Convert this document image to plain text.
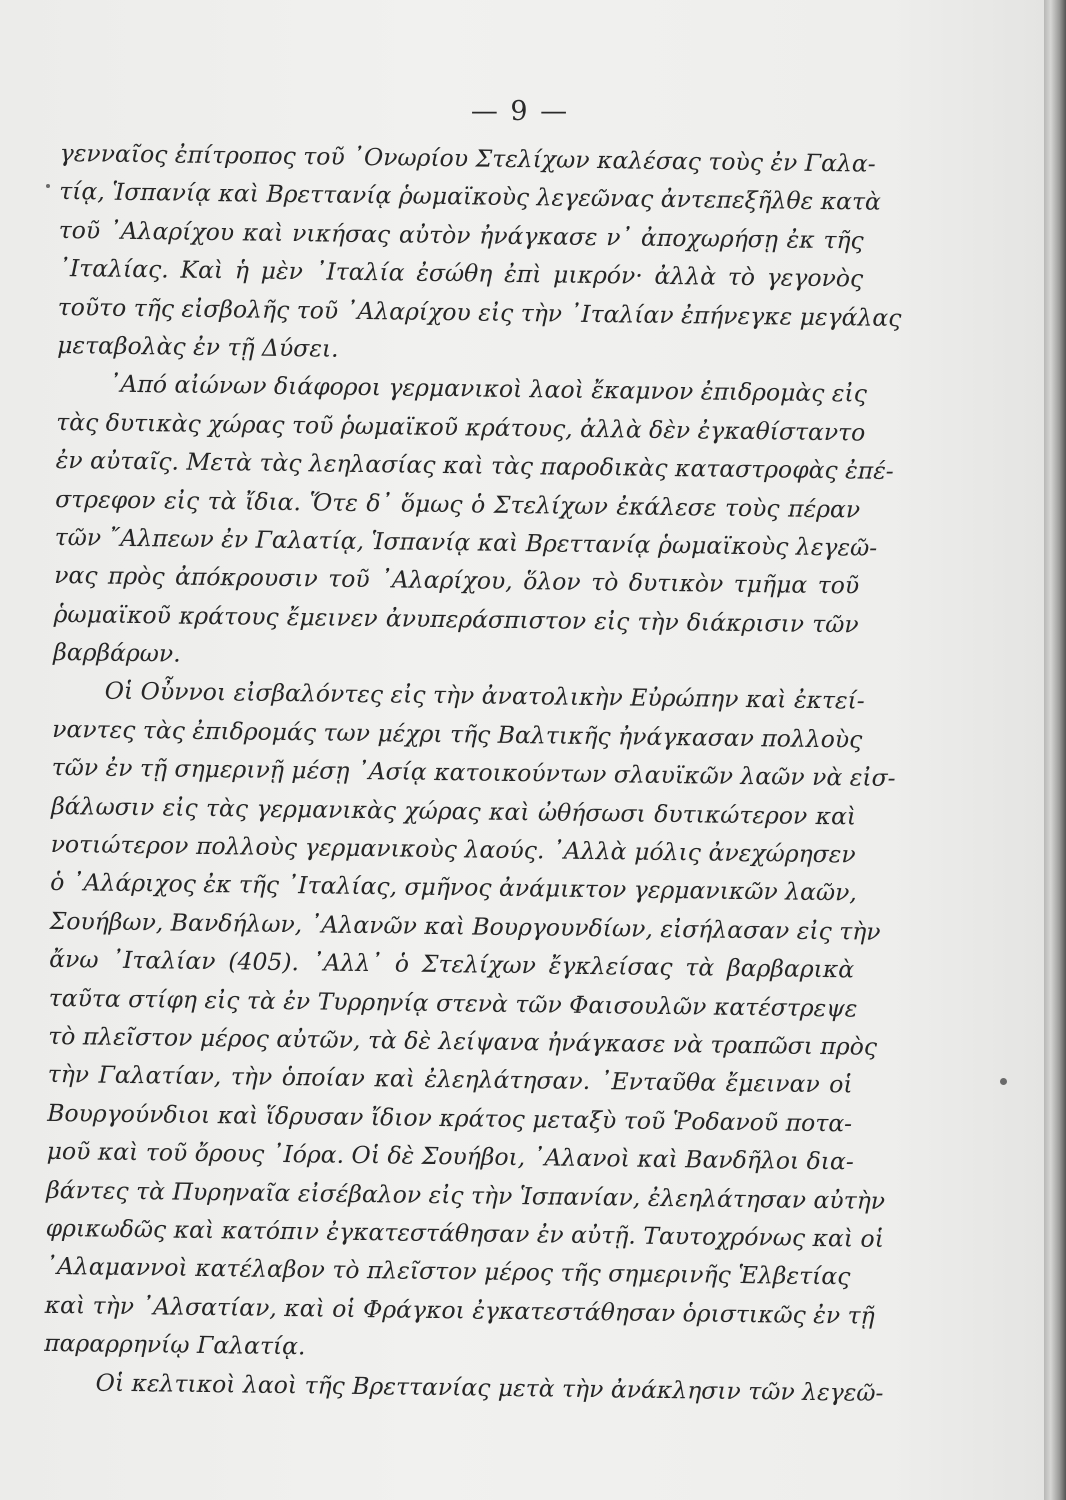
— 9 —
γενναῖος ἐπίτροπος τοῦ ᾽Ονωρίου Στελίχων καλέσας τοὺς ἐν Γαλα-
τίᾳ, Ἱσπανίᾳ καὶ Βρεττανίᾳ ῥωμαϊκοὺς λεγεῶνας ἀντεπεξῆλθε κατὰ
τοῦ ᾽Αλαρίχου καὶ νικήσας αὐτὸν ἠνάγκασε ν᾽ ἀποχωρήσῃ ἐκ τῆς
᾽Ιταλίας. Καὶ ἡ μὲν ᾽Ιταλία ἐσώθη ἐπὶ μικρόν· ἀλλὰ τὸ γεγονὸς
τοῦτο τῆς εἰσβολῆς τοῦ ᾽Αλαρίχου εἰς τὴν ᾽Ιταλίαν ἐπήνεγκε μεγάλας
μεταβολὰς ἐν τῇ Δύσει.
᾽Από αἰώνων διάφοροι γερμανικοὶ λαοὶ ἔκαμνον ἐπιδρομὰς εἰς
τὰς δυτικὰς χώρας τοῦ ῥωμαϊκοῦ κράτους, ἀλλὰ δὲν ἐγκαθίσταντο
ἐν αὐταῖς. Μετὰ τὰς λεηλασίας καὶ τὰς παροδικὰς καταστροφὰς ἐπέ-
στρεφον εἰς τὰ ἴδια. Ὅτε δ᾽ ὅμως ὁ Στελίχων ἐκάλεσε τοὺς πέραν
τῶν ῎Αλπεων ἐν Γαλατίᾳ, Ἱσπανίᾳ καὶ Βρεττανίᾳ ῥωμαϊκοὺς λεγεῶ-
νας πρὸς ἀπόκρουσιν τοῦ ᾽Αλαρίχου, ὅλον τὸ δυτικὸν τμῆμα τοῦ
ῥωμαϊκοῦ κράτους ἔμεινεν ἀνυπεράσπιστον εἰς τὴν διάκρισιν τῶν
βαρβάρων.
Οἱ Οὖννοι εἰσβαλόντες εἰς τὴν ἀνατολικὴν Εὐρώπην καὶ ἐκτεί-
ναντες τὰς ἐπιδρομάς των μέχρι τῆς Βαλτικῆς ἠνάγκασαν πολλοὺς
τῶν ἐν τῇ σημερινῇ μέσῃ ᾽Ασίᾳ κατοικούντων σλαυϊκῶν λαῶν νὰ εἰσ-
βάλωσιν εἰς τὰς γερμανικὰς χώρας καὶ ὠθήσωσι δυτικώτερον καὶ
νοτιώτερον πολλοὺς γερμανικοὺς λαούς. ᾽Αλλὰ μόλις ἀνεχώρησεν
ὁ ᾽Αλάριχος ἐκ τῆς ᾽Ιταλίας, σμῆνος ἀνάμικτον γερμανικῶν λαῶν,
Σουήβων, Βανδήλων, ᾽Αλανῶν καὶ Βουργουνδίων, εἰσήλασαν εἰς τὴν
ἄνω ᾽Ιταλίαν (405). ᾽Αλλ᾽ ὁ Στελίχων ἔγκλείσας τὰ βαρβαρικὰ
ταῦτα στίφη εἰς τὰ ἐν Τυρρηνίᾳ στενὰ τῶν Φαισουλῶν κατέστρεψε
τὸ πλεῖστον μέρος αὐτῶν, τὰ δὲ λείψανα ἠνάγκασε νὰ τραπῶσι πρὸς
τὴν Γαλατίαν, τὴν ὁποίαν καὶ ἐλεηλάτησαν. ᾽Ενταῦθα ἔμειναν οἱ
Βουργούνδιοι καὶ ἵδρυσαν ἴδιον κράτος μεταξὺ τοῦ Ῥοδανοῦ ποτα-
μοῦ καὶ τοῦ ὄρους ᾽Ιόρα. Οἱ δὲ Σουήβοι, ᾽Αλανοὶ καὶ Βανδῆλοι δια-
βάντες τὰ Πυρηναῖα εἰσέβαλον εἰς τὴν Ἱσπανίαν, ἐλεηλάτησαν αὐτὴν
φρικωδῶς καὶ κατόπιν ἐγκατεστάθησαν ἐν αὐτῇ. Ταυτοχρόνως καὶ οἱ
᾽Αλαμαννοὶ κατέλαβον τὸ πλεῖστον μέρος τῆς σημερινῆς Ἑλβετίας
καὶ τὴν ᾽Αλσατίαν, καὶ οἱ Φράγκοι ἐγκατεστάθησαν ὁριστικῶς ἐν τῇ
παραρρηνίῳ Γαλατίᾳ.
Οἱ κελτικοὶ λαοὶ τῆς Βρεττανίας μετὰ τὴν ἀνάκλησιν τῶν λεγεῶ-
